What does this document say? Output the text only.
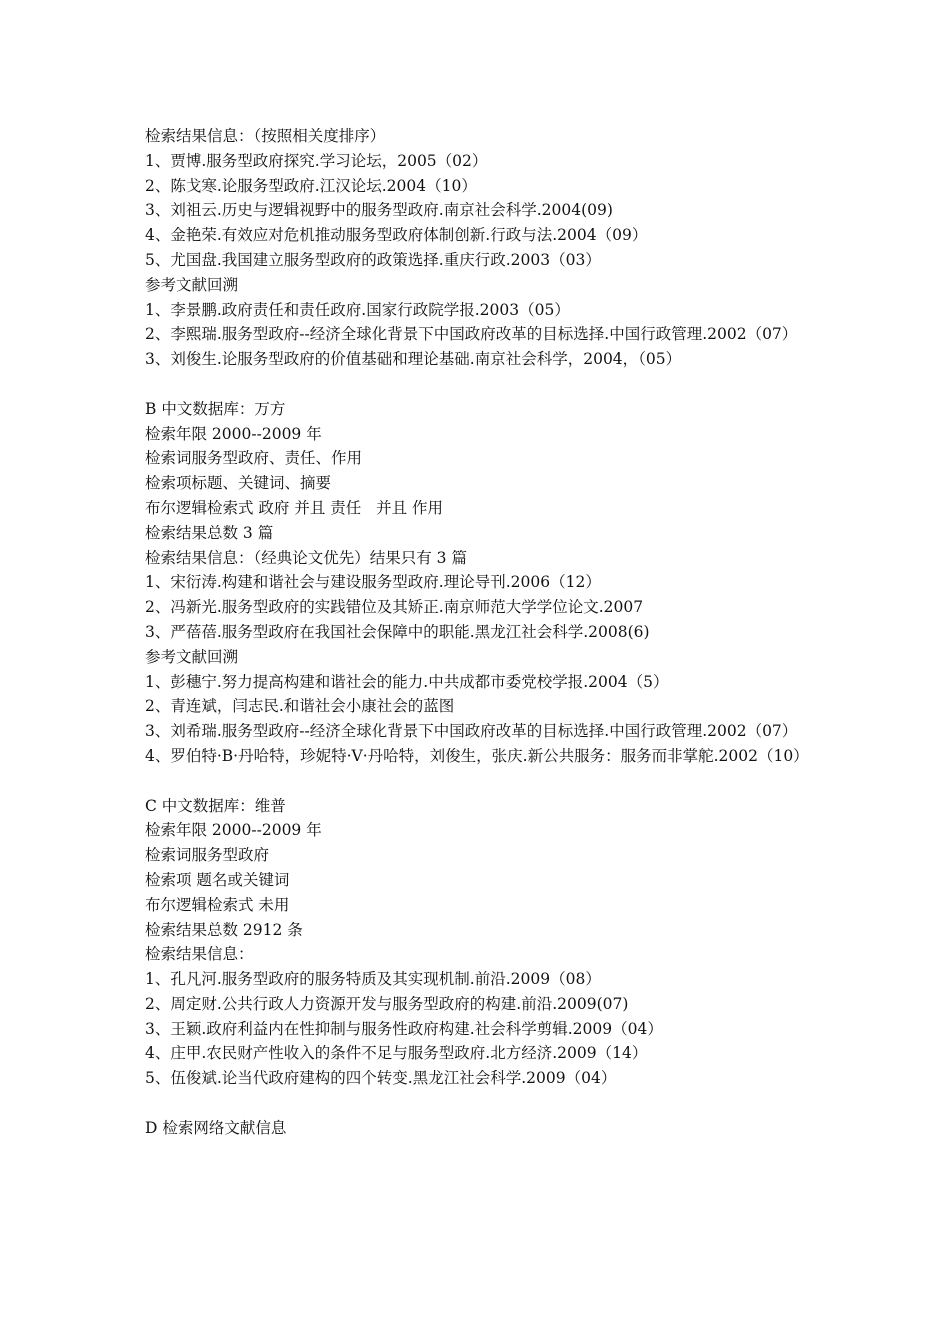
检索结果信息：（按照相关度排序）

1、贾博.服务型政府探究.学习论坛，2005（02）

2、陈戈寒.论服务型政府.江汉论坛.2004（10）

3、刘祖云.历史与逻辑视野中的服务型政府.南京社会科学.2004(09)

4、金艳荣.有效应对危机推动服务型政府体制创新.行政与法.2004（09）

5、尤国盘.我国建立服务型政府的政策选择.重庆行政.2003（03）

参考文献回溯

1、李景鹏.政府责任和责任政府.国家行政院学报.2003（05）

2、李熙瑞.服务型政府--经济全球化背景下中国政府改革的目标选择.中国行政管理.2002（07）

3、刘俊生.论服务型政府的价值基础和理论基础.南京社会科学，2004，（05）

B 中文数据库：万方

检索年限 2000--2009 年

检索词服务型政府、责任、作用

检索项标题、关键词、摘要

布尔逻辑检索式 政府 并且 责任   并且 作用

检索结果总数 3 篇

检索结果信息：（经典论文优先）结果只有 3 篇

1、宋衍涛.构建和谐社会与建设服务型政府.理论导刊.2006（12）

2、冯新光.服务型政府的实践错位及其矫正.南京师范大学学位论文.2007

3、严蓓蓓.服务型政府在我国社会保障中的职能.黑龙江社会科学.2008(6)

参考文献回溯

1、彭穗宁.努力提高构建和谐社会的能力.中共成都市委党校学报.2004（5）

2、青连斌，闫志民.和谐社会小康社会的蓝图

3、刘希瑞.服务型政府--经济全球化背景下中国政府改革的目标选择.中国行政管理.2002（07）

4、罗伯特·B·丹哈特，珍妮特·V·丹哈特，刘俊生，张庆.新公共服务：服务而非掌舵.2002（10）

C 中文数据库：维普

检索年限 2000--2009 年

检索词服务型政府

检索项 题名或关键词

布尔逻辑检索式 未用

检索结果总数 2912 条

检索结果信息：

1、孔凡河.服务型政府的服务特质及其实现机制.前沿.2009（08）

2、周定财.公共行政人力资源开发与服务型政府的构建.前沿.2009(07)

3、王颖.政府利益内在性抑制与服务性政府构建.社会科学剪辑.2009（04）

4、庄甲.农民财产性收入的条件不足与服务型政府.北方经济.2009（14）

5、伍俊斌.论当代政府建构的四个转变.黑龙江社会科学.2009（04）

D 检索网络文献信息
